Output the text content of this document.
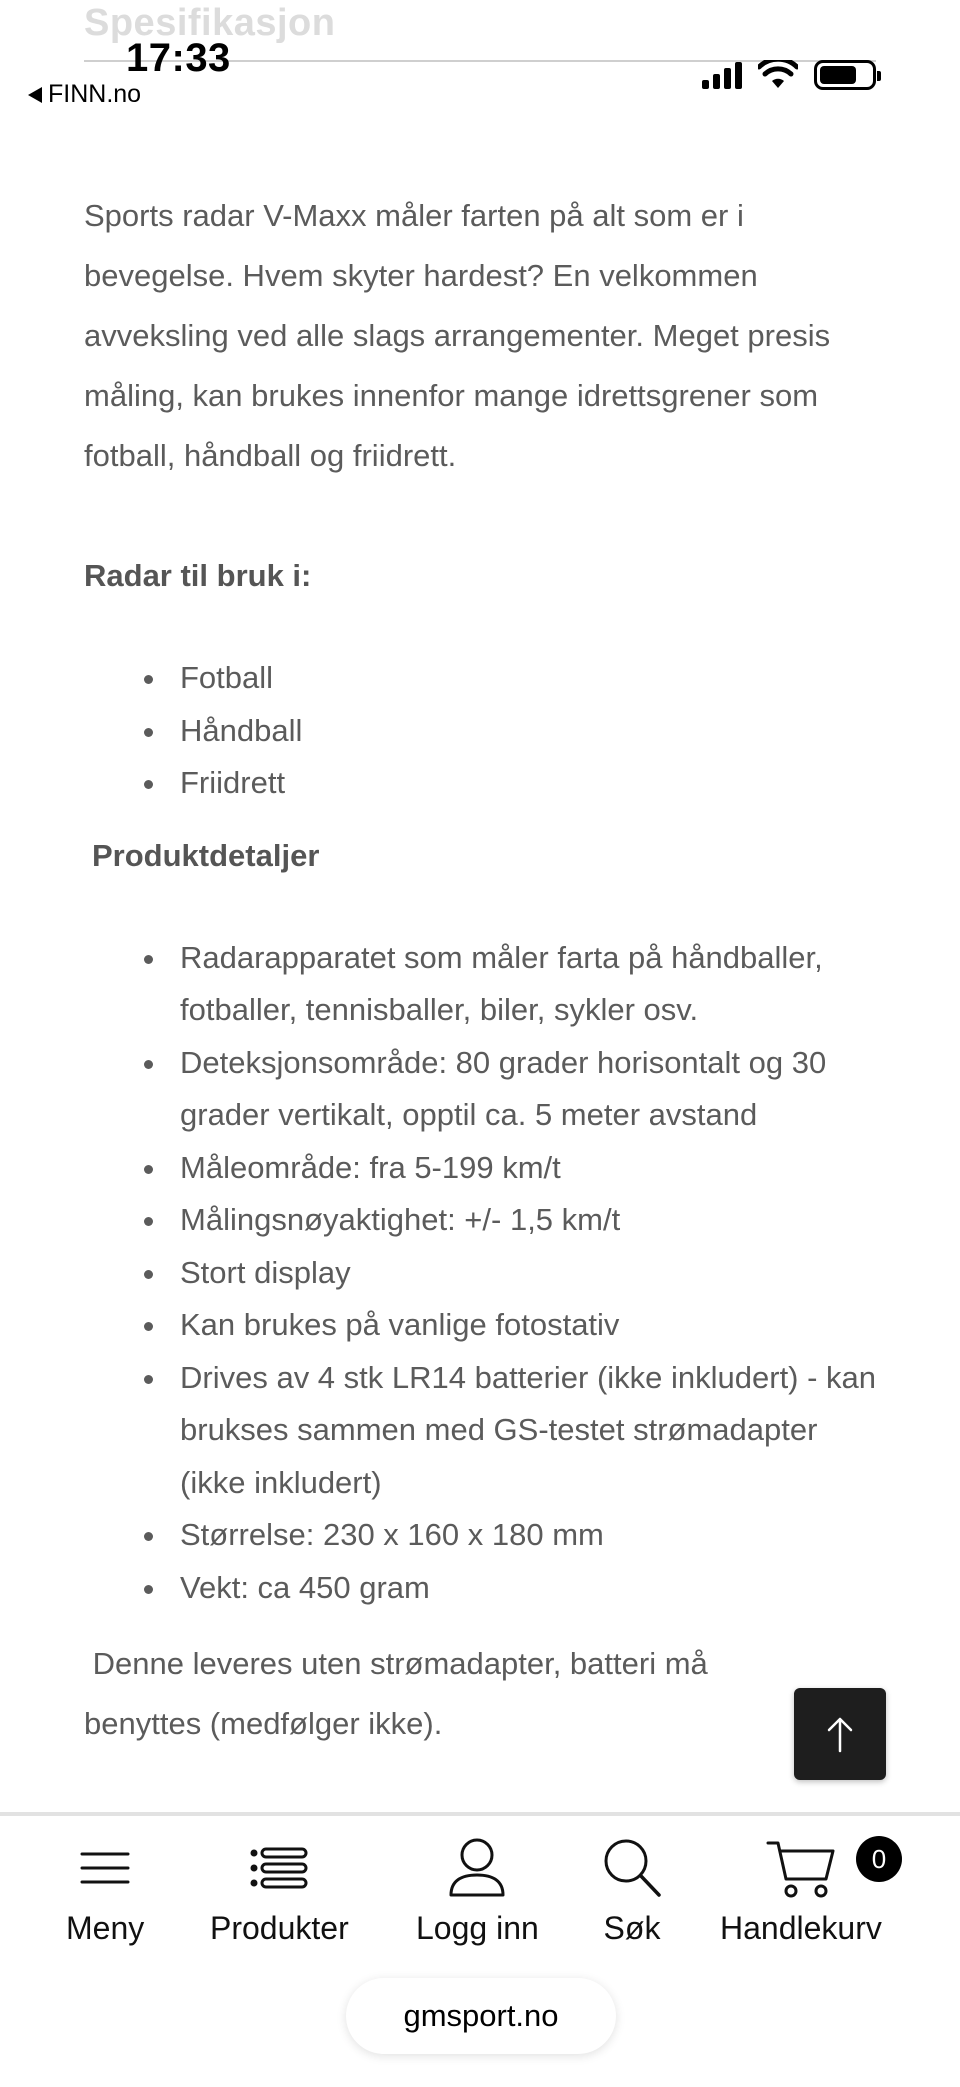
Spesifikasjon
17:33
FINN.no

Sports radar V-Maxx måler farten på alt som er i bevegelse. Hvem skyter hardest? En velkommen avveksling ved alle slags arrangementer. Meget presis måling, kan brukes innenfor mange idrettsgrener som fotball, håndball og friidrett.

Radar til bruk i:

Fotball
Håndball
Friidrett

Produktdetaljer

Radarapparatet som måler farta på håndballer, fotballer, tennisballer, biler, sykler osv.
Deteksjonsområde: 80 grader horisontalt og 30 grader vertikalt, opptil ca. 5 meter avstand
Måleområde: fra 5-199 km/t
Målingsnøyaktighet: +/- 1,5 km/t
Stort display
Kan brukes på vanlige fotostativ
Drives av 4 stk LR14 batterier (ikke inkludert) - kan brukses sammen med GS-testet strømadapter (ikke inkludert)
Størrelse: 230 x 160 x 180 mm
Vekt: ca 450 gram

Denne leveres uten strømadapter, batteri må benyttes (medfølger ikke).

Meny Produkter Logg inn Søk
0
Handlekurv
gmsport.no
